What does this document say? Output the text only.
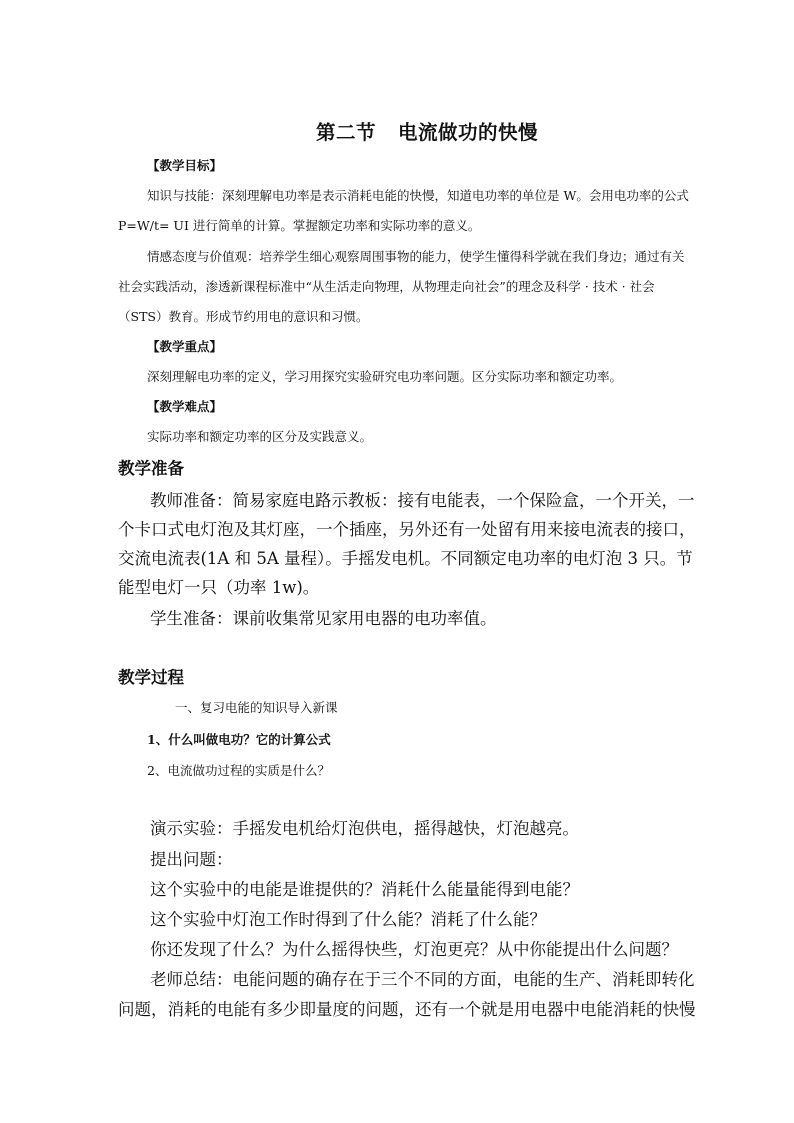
第二节 电流做功的快慢
【教学目标】
知识与技能：深刻理解电功率是表示消耗电能的快慢，知道电功率的单位是 W。会用电功率的公式
P=W/t= UI 进行简单的计算。掌握额定功率和实际功率的意义。
情感态度与价值观：培养学生细心观察周围事物的能力，使学生懂得科学就在我们身边；通过有关
社会实践活动，渗透新课程标准中“从生活走向物理，从物理走向社会”的理念及科学 · 技术 · 社会
（STS）教育。形成节约用电的意识和习惯。
【教学重点】
深刻理解电功率的定义，学习用探究实验研究电功率问题。区分实际功率和额定功率。
【教学难点】
实际功率和额定功率的区分及实践意义。
教学准备
教师准备：简易家庭电路示教板：接有电能表，一个保险盒，一个开关，一
个卡口式电灯泡及其灯座，一个插座，另外还有一处留有用来接电流表的接口，
交流电流表(1A 和 5A 量程）。手摇发电机。不同额定电功率的电灯泡 3 只。节
能型电灯一只（功率 1w)。
学生准备：课前收集常见家用电器的电功率值。
教学过程
一、复习电能的知识导入新课
1、什么叫做电功？它的计算公式
2、电流做功过程的实质是什么？
演示实验：手摇发电机给灯泡供电，摇得越快，灯泡越亮。
提出问题：
这个实验中的电能是谁提供的？消耗什么能量能得到电能？
这个实验中灯泡工作时得到了什么能？消耗了什么能？
你还发现了什么？为什么摇得快些，灯泡更亮？从中你能提出什么问题？
老师总结：电能问题的确存在于三个不同的方面，电能的生产、消耗即转化
问题，消耗的电能有多少即量度的问题，还有一个就是用电器中电能消耗的快慢
